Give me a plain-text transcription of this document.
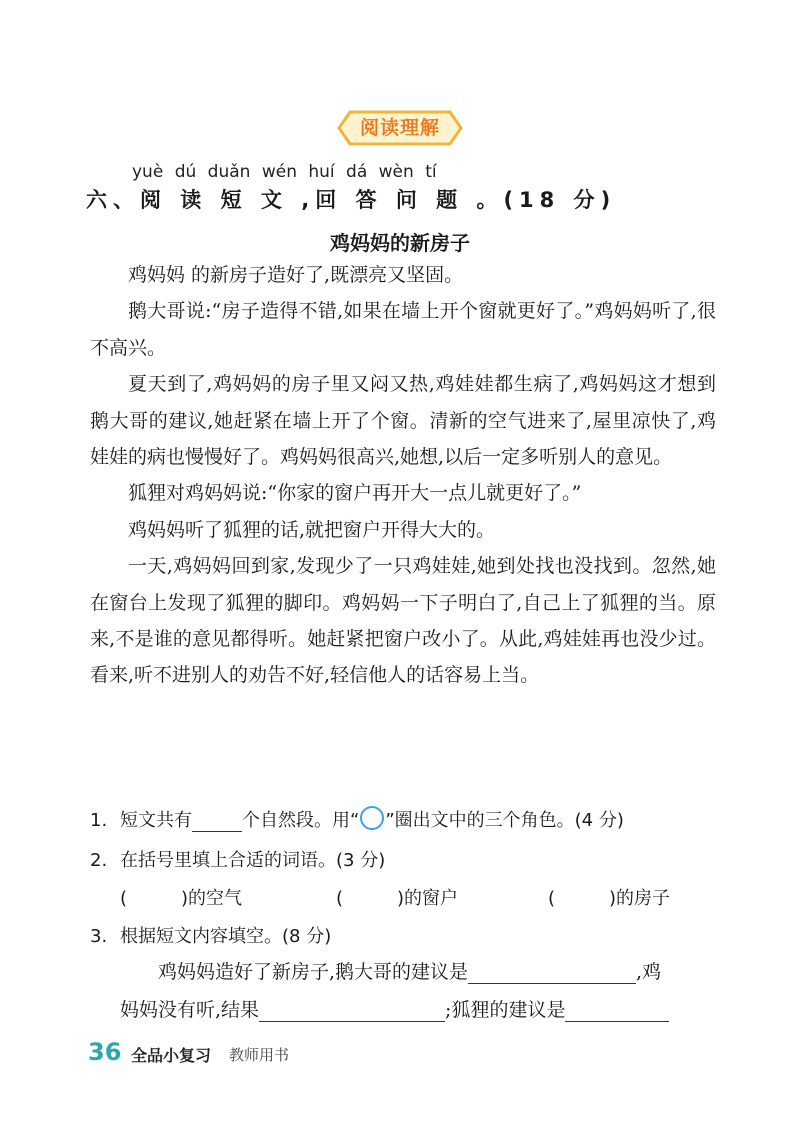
阅读理解
yuè dú duǎn wén huí dá wèn tí
六、阅 读 短 文 ,回 答 问 题 。(18 分)
鸡妈妈的新房子

鸡妈妈 的新房子造好了,既漂亮又坚固。

鹅大哥说:“房子造得不错,如果在墙上开个窗就更好了。”鸡妈妈听了,很不高兴。

夏天到了,鸡妈妈的房子里又闷又热,鸡娃娃都生病了,鸡妈妈这才想到鹅大哥的建议,她赶紧在墙上开了个窗。清新的空气进来了,屋里凉快了,鸡娃娃的病也慢慢好了。鸡妈妈很高兴,她想,以后一定多听别人的意见。

狐狸对鸡妈妈说:“你家的窗户再开大一点儿就更好了。”

鸡妈妈听了狐狸的话,就把窗户开得大大的。

一天,鸡妈妈回到家,发现少了一只鸡娃娃,她到处找也没找到。忽然,她在窗台上发现了狐狸的脚印。鸡妈妈一下子明白了,自己上了狐狸的当。原来,不是谁的意见都得听。她赶紧把窗户改小了。从此,鸡娃娃再也没少过。看来,听不进别人的劝告不好,轻信他人的话容易上当。

1. 短文共有	个自然段。用“ ”圈出文中的三个角色。(4 分)
2. 在括号里填上合适的词语。(3 分)
(　　　)的空气	(　　　)的窗户	(　　　)的房子
3. 根据短文内容填空。(8 分)
鸡妈妈造好了新房子,鹅大哥的建议是	,鸡
妈妈没有听,结果	;狐狸的建议是
36 全品小复习 教师用书
